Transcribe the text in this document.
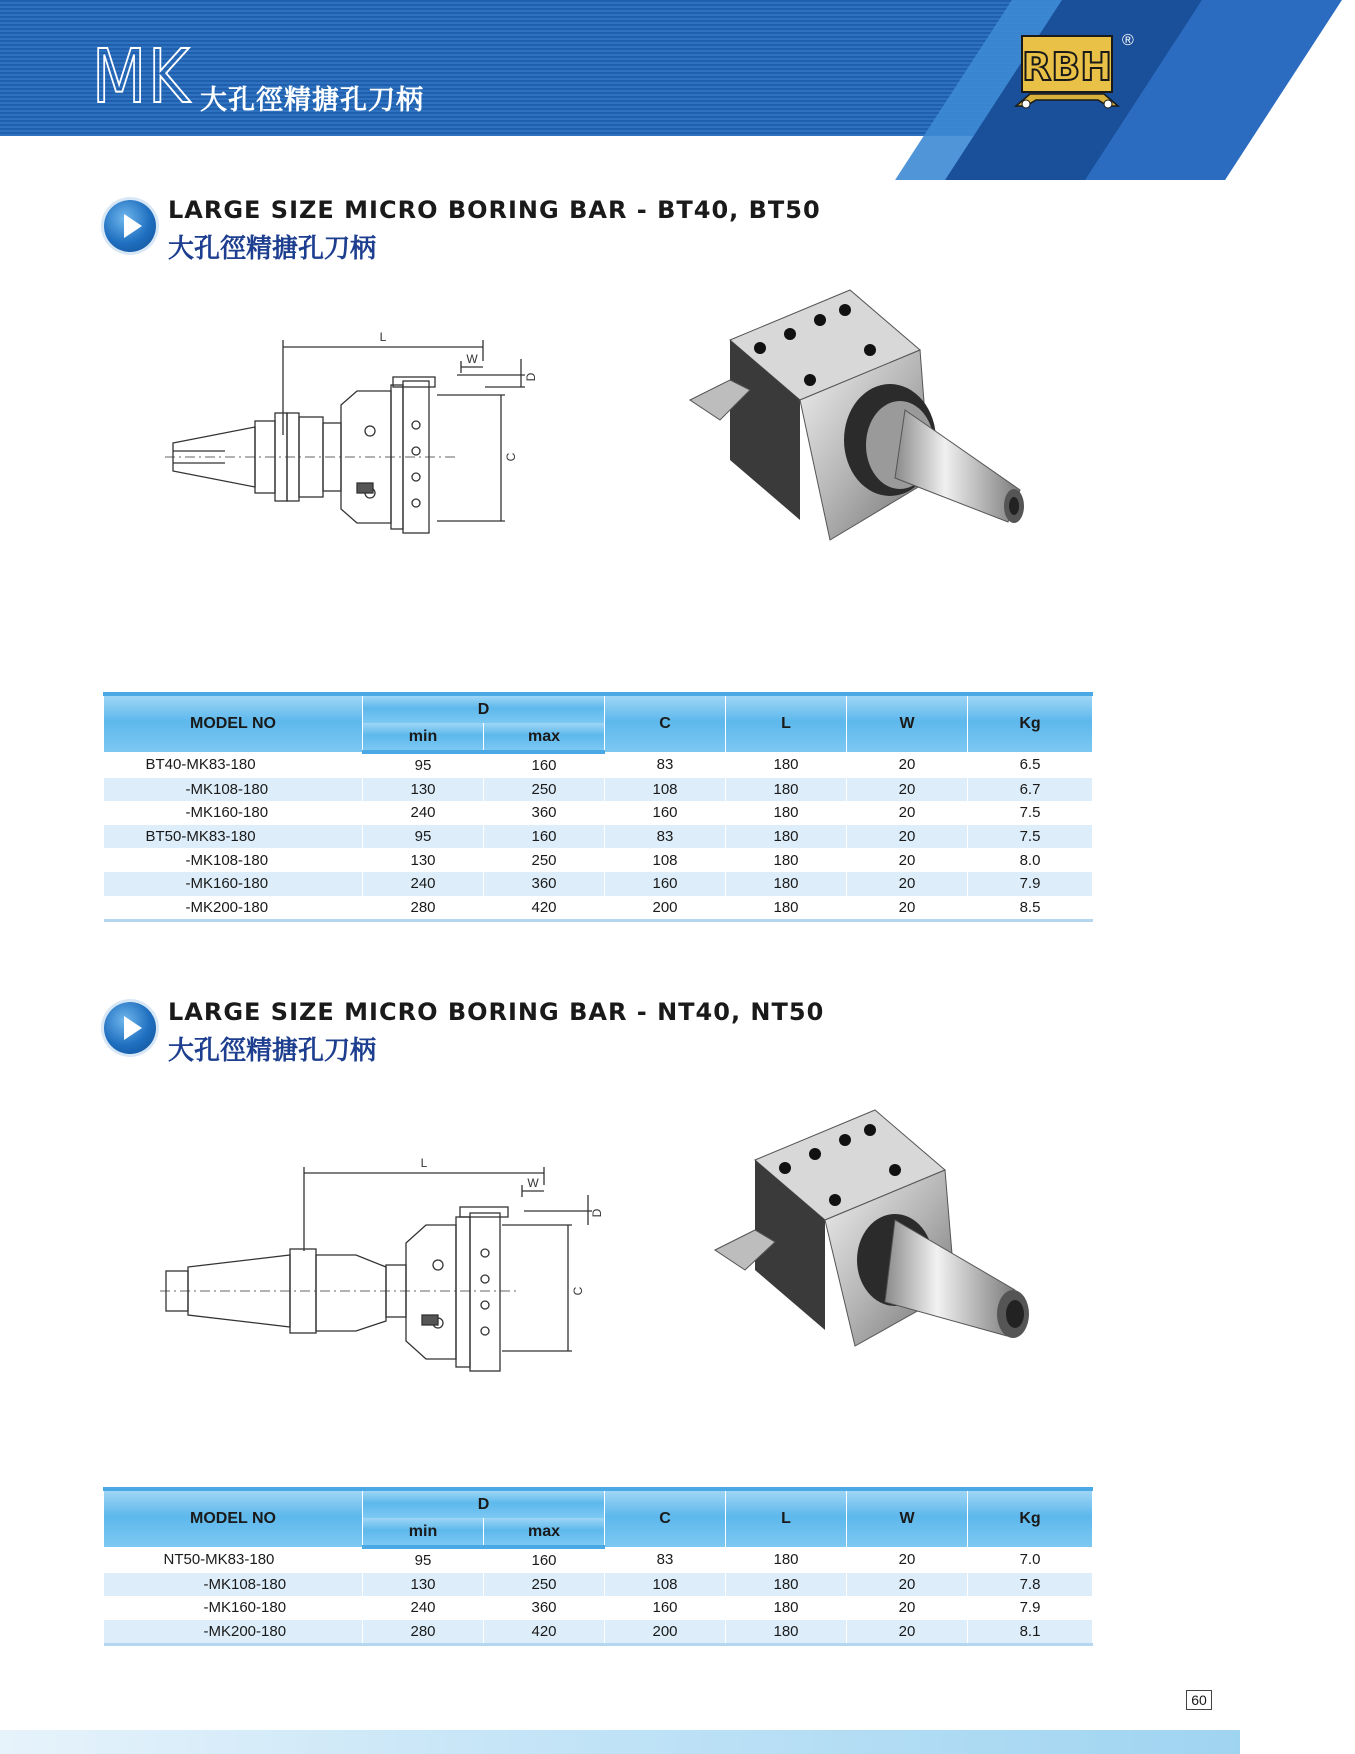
MK 大孔徑精搪孔刀柄
RBH
®
LARGE SIZE MICRO BORING BAR - BT40, BT50
大孔徑精搪孔刀柄
L
W
C
D
MODEL NO	D		C	L	W	Kg
	min	max				
BT40-MK83-180	95	160	83	180	20	6.5
-MK108-180	130	250	108	180	20	6.7
-MK160-180	240	360	160	180	20	7.5
BT50-MK83-180	95	160	83	180	20	7.5
-MK108-180	130	250	108	180	20	8.0
-MK160-180	240	360	160	180	20	7.9
-MK200-180	280	420	200	180	20	8.5
LARGE SIZE MICRO BORING BAR - NT40, NT50
大孔徑精搪孔刀柄
L
W
C
D
MODEL NO	D		C	L	W	Kg
	min	max				
NT50-MK83-180	95	160	83	180	20	7.0
-MK108-180	130	250	108	180	20	7.8
-MK160-180	240	360	160	180	20	7.9
-MK200-180	280	420	200	180	20	8.1
60
